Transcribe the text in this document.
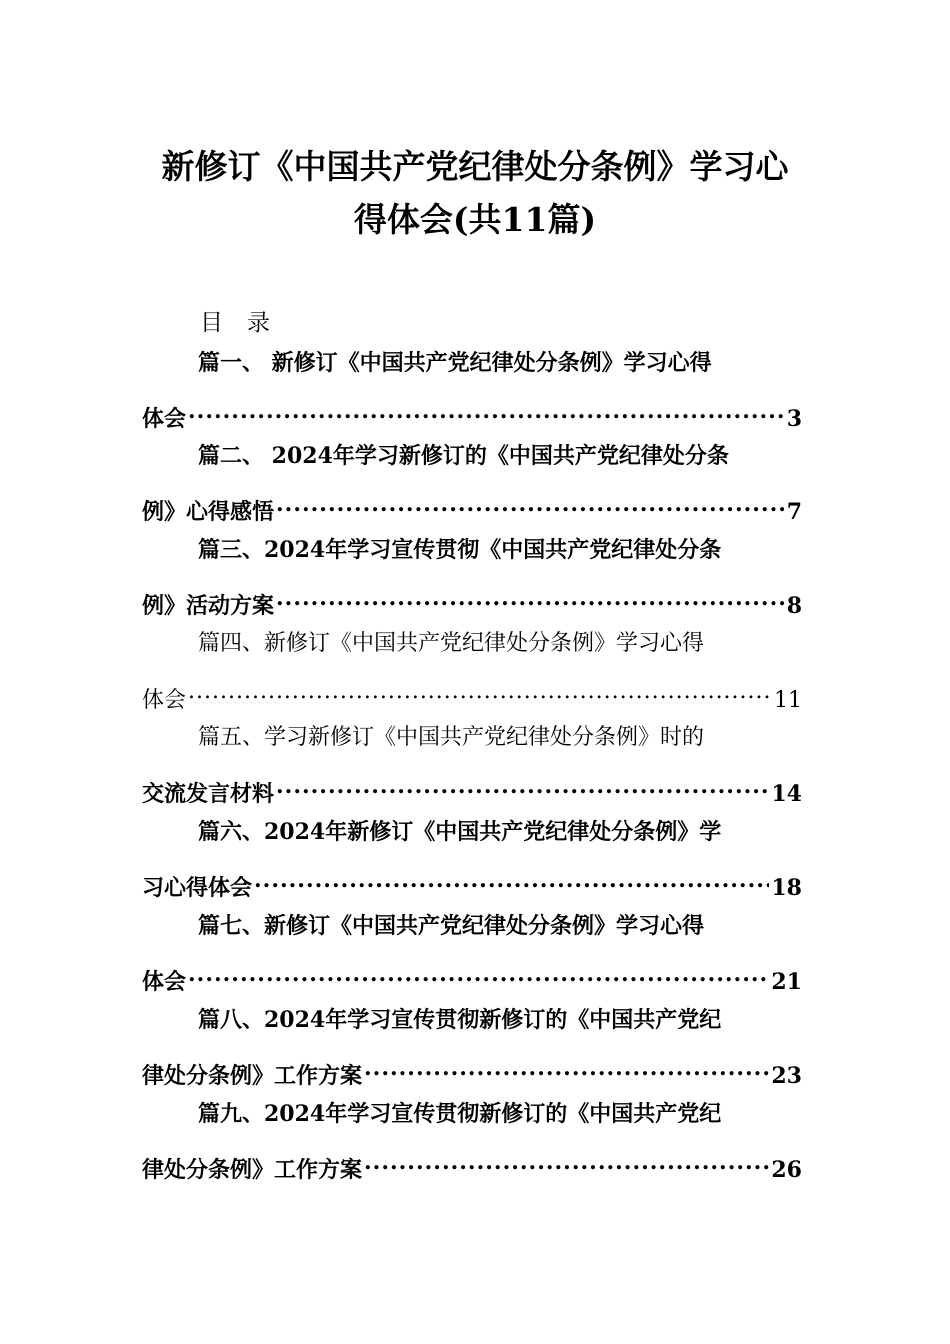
新修订《中国共产党纪律处分条例》学习心
得体会(共11篇)
目录
篇一、 新修订《中国共产党纪律处分条例》学习心得
体会 .....	3
篇二、 2024年学习新修订的《中国共产党纪律处分条
例》心得感悟 .....	7
篇三、2024年学习宣传贯彻《中国共产党纪律处分条
例》活动方案 .....	8
篇四、新修订《中国共产党纪律处分条例》学习心得
体会 .....	11
篇五、学习新修订《中国共产党纪律处分条例》时的
交流发言材料 .....	14
篇六、2024年新修订《中国共产党纪律处分条例》学
习心得体会 .....	18
篇七、新修订《中国共产党纪律处分条例》学习心得
体会 .....	21
篇八、2024年学习宣传贯彻新修订的《中国共产党纪
律处分条例》工作方案 .....	23
篇九、2024年学习宣传贯彻新修订的《中国共产党纪
律处分条例》工作方案 .....	26
